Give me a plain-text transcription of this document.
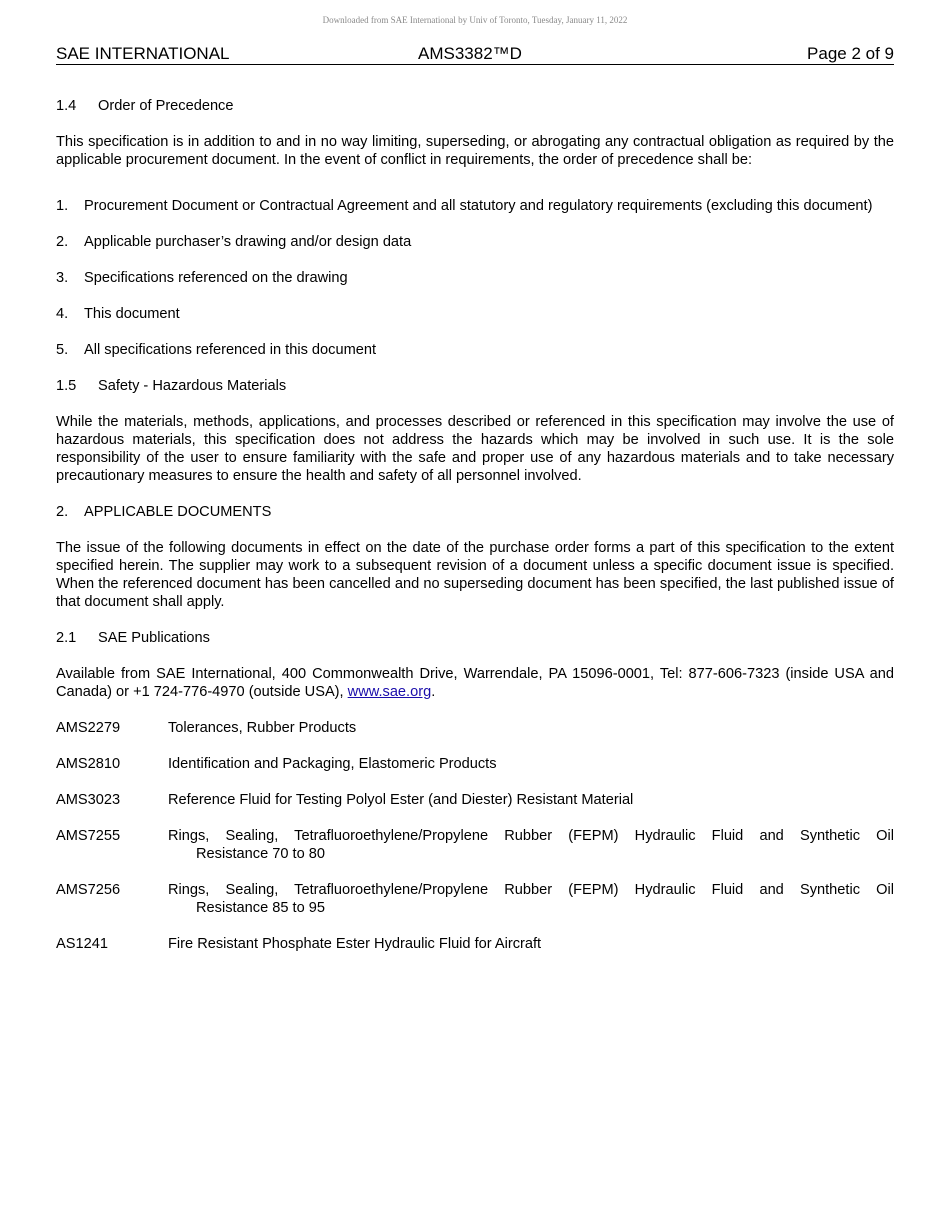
Downloaded from SAE International by Univ of Toronto, Tuesday, January 11, 2022
SAE INTERNATIONAL	AMS3382™D	Page 2 of 9
1.4	Order of Precedence

This specification is in addition to and in no way limiting, superseding, or abrogating any contractual obligation as required by the applicable procurement document. In the event of conflict in requirements, the order of precedence shall be:

1.	Procurement Document or Contractual Agreement and all statutory and regulatory requirements (excluding this document)
2.	Applicable purchaser’s drawing and/or design data
3.	Specifications referenced on the drawing
4.	This document
5.	All specifications referenced in this document
1.5	Safety - Hazardous Materials

While the materials, methods, applications, and processes described or referenced in this specification may involve the use of hazardous materials, this specification does not address the hazards which may be involved in such use. It is the sole responsibility of the user to ensure familiarity with the safe and proper use of any hazardous materials and to take necessary precautionary measures to ensure the health and safety of all personnel involved.

2.	APPLICABLE DOCUMENTS

The issue of the following documents in effect on the date of the purchase order forms a part of this specification to the extent specified herein. The supplier may work to a subsequent revision of a document unless a specific document issue is specified. When the referenced document has been cancelled and no superseding document has been specified, the last published issue of that document shall apply.

2.1	SAE Publications

Available from SAE International, 400 Commonwealth Drive, Warrendale, PA 15096-0001, Tel: 877-606-7323 (inside USA and Canada) or +1 724-776-4970 (outside USA), www.sae.org.

AMS2279	Tolerances, Rubber Products
AMS2810	Identification and Packaging, Elastomeric Products
AMS3023	Reference Fluid for Testing Polyol Ester (and Diester) Resistant Material
AMS7255	Rings, Sealing, Tetrafluoroethylene/Propylene Rubber (FEPM) Hydraulic Fluid and Synthetic Oil
Resistance 70 to 80
AMS7256	Rings, Sealing, Tetrafluoroethylene/Propylene Rubber (FEPM) Hydraulic Fluid and Synthetic Oil
Resistance 85 to 95
AS1241	Fire Resistant Phosphate Ester Hydraulic Fluid for Aircraft
